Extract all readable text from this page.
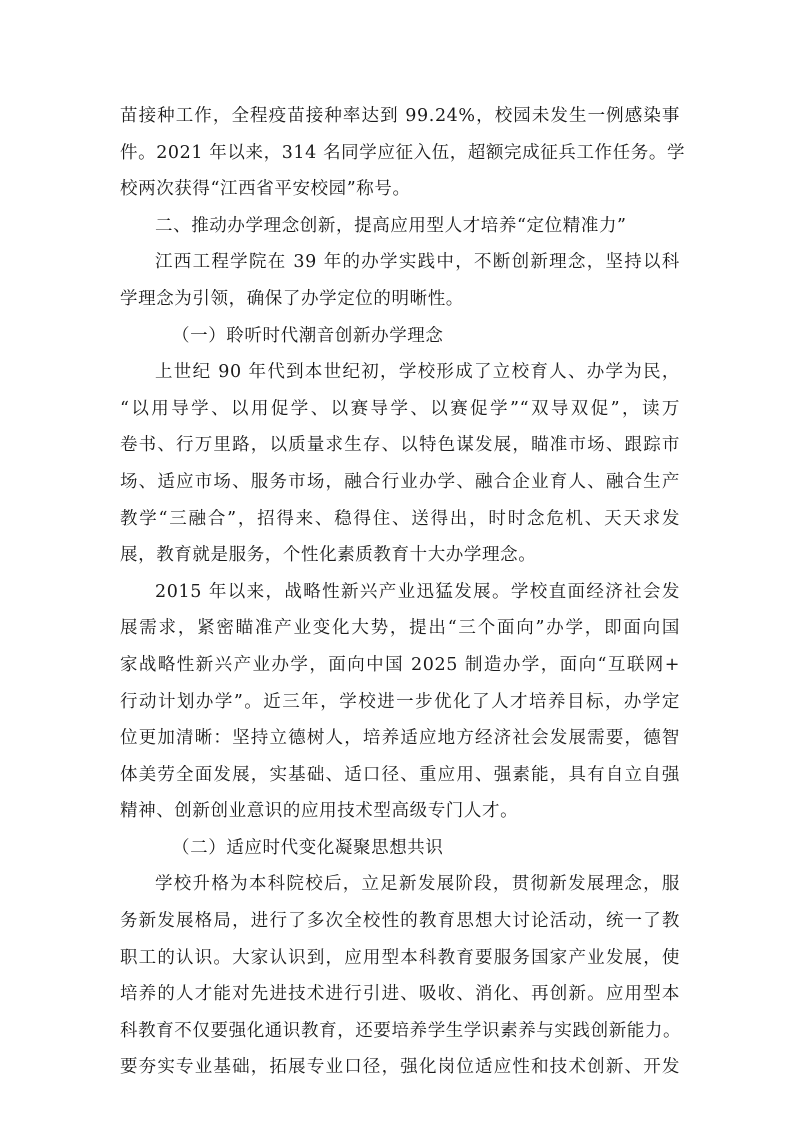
苗接种工作，全程疫苗接种率达到 99.24%，校园未发生一例感染事
件。2021 年以来，314 名同学应征入伍，超额完成征兵工作任务。学
校两次获得“江西省平安校园”称号。
二、推动办学理念创新，提高应用型人才培养“定位精准力”
江西工程学院在 39 年的办学实践中，不断创新理念，坚持以科
学理念为引领，确保了办学定位的明晰性。
（一）聆听时代潮音创新办学理念
上世纪 90 年代到本世纪初，学校形成了立校育人、办学为民，
“以用导学、以用促学、以赛导学、以赛促学”“双导双促”，读万
卷书、行万里路，以质量求生存、以特色谋发展，瞄准市场、跟踪市
场、适应市场、服务市场，融合行业办学、融合企业育人、融合生产
教学“三融合”，招得来、稳得住、送得出，时时念危机、天天求发
展，教育就是服务，个性化素质教育十大办学理念。
2015 年以来，战略性新兴产业迅猛发展。学校直面经济社会发
展需求，紧密瞄准产业变化大势，提出“三个面向”办学，即面向国
家战略性新兴产业办学，面向中国 2025 制造办学，面向“互联网+
行动计划办学”。近三年，学校进一步优化了人才培养目标，办学定
位更加清晰：坚持立德树人，培养适应地方经济社会发展需要，德智
体美劳全面发展，实基础、适口径、重应用、强素能，具有自立自强
精神、创新创业意识的应用技术型高级专门人才。
（二）适应时代变化凝聚思想共识
学校升格为本科院校后，立足新发展阶段，贯彻新发展理念，服
务新发展格局，进行了多次全校性的教育思想大讨论活动，统一了教
职工的认识。大家认识到，应用型本科教育要服务国家产业发展，使
培养的人才能对先进技术进行引进、吸收、消化、再创新。应用型本
科教育不仅要强化通识教育，还要培养学生学识素养与实践创新能力。
要夯实专业基础，拓展专业口径，强化岗位适应性和技术创新、开发
